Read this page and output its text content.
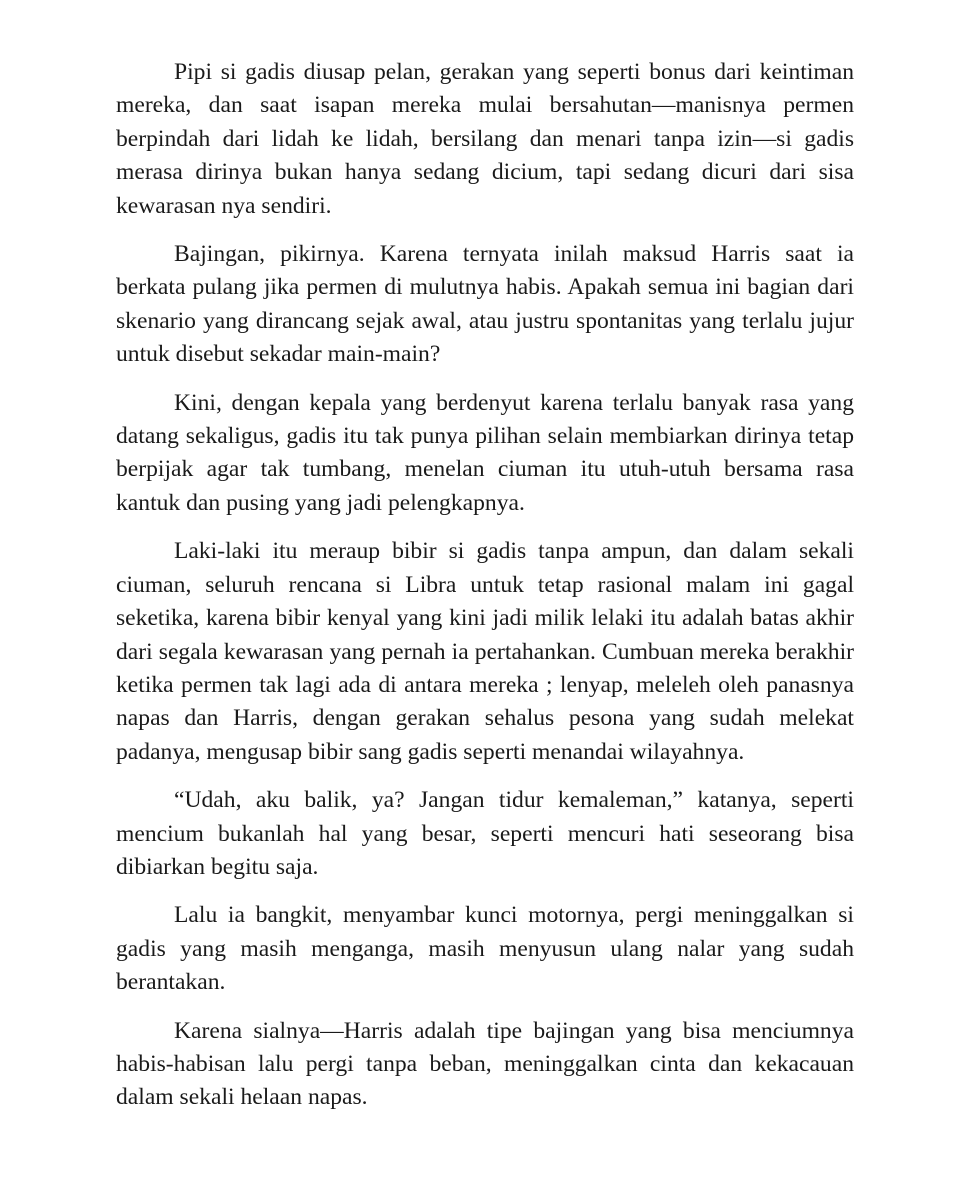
Pipi si gadis diusap pelan, gerakan yang seperti bonus dari keintiman mereka, dan saat isapan mereka mulai bersahutan—manisnya permen berpindah dari lidah ke lidah, bersilang dan menari tanpa izin—si gadis merasa dirinya bukan hanya sedang dicium, tapi sedang dicuri dari sisa kewarasan nya sendiri.

Bajingan, pikirnya. Karena ternyata inilah maksud Harris saat ia berkata pulang jika permen di mulutnya habis. Apakah semua ini bagian dari skenario yang dirancang sejak awal, atau justru spontanitas yang terlalu jujur untuk disebut sekadar main-main?

Kini, dengan kepala yang berdenyut karena terlalu banyak rasa yang datang sekaligus, gadis itu tak punya pilihan selain membiarkan dirinya tetap berpijak agar tak tumbang, menelan ciuman itu utuh-utuh bersama rasa kantuk dan pusing yang jadi pelengkapnya.

Laki-laki itu meraup bibir si gadis tanpa ampun, dan dalam sekali ciuman, seluruh rencana si Libra untuk tetap rasional malam ini gagal seketika, karena bibir kenyal yang kini jadi milik lelaki itu adalah batas akhir dari segala kewarasan yang pernah ia pertahankan. Cumbuan mereka berakhir ketika permen tak lagi ada di antara mereka ; lenyap, meleleh oleh panasnya napas dan Harris, dengan gerakan sehalus pesona yang sudah melekat padanya, mengusap bibir sang gadis seperti menandai wilayahnya.

“Udah, aku balik, ya? Jangan tidur kemaleman,” katanya, seperti mencium bukanlah hal yang besar, seperti mencuri hati seseorang bisa dibiarkan begitu saja.

Lalu ia bangkit, menyambar kunci motornya, pergi meninggalkan si gadis yang masih menganga, masih menyusun ulang nalar yang sudah berantakan.

Karena sialnya—Harris adalah tipe bajingan yang bisa menciumnya habis-habisan lalu pergi tanpa beban, meninggalkan cinta dan kekacauan dalam sekali helaan napas.
